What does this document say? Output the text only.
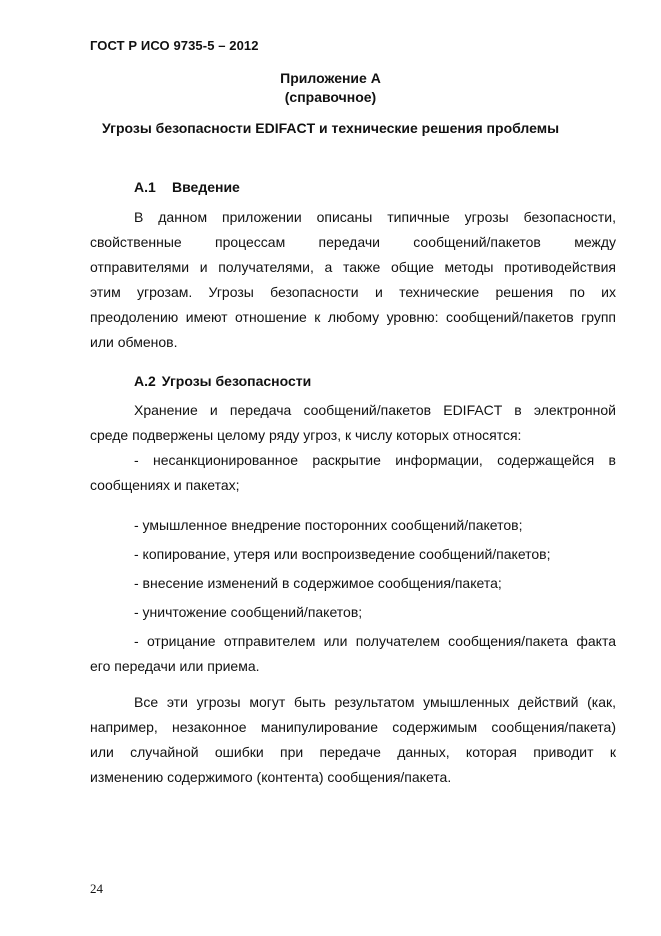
ГОСТ Р ИСО 9735-5 – 2012
Приложение А
(справочное)
Угрозы безопасности EDIFACT и технические решения проблемы
А.1 Введение
В данном приложении описаны типичные угрозы безопасности,
свойственные процессам передачи сообщений/пакетов между
отправителями и получателями, а также общие методы противодействия
этим угрозам. Угрозы безопасности и технические решения по их
преодолению имеют отношение к любому уровню: сообщений/пакетов групп
или обменов.
А.2 Угрозы безопасности
Хранение и передача сообщений/пакетов EDIFACT в электронной
среде подвержены целому ряду угроз, к числу которых относятся:
- несанкционированное раскрытие информации, содержащейся в
сообщениях и пакетах;
- умышленное внедрение посторонних сообщений/пакетов;
- копирование, утеря или воспроизведение сообщений/пакетов;
- внесение изменений в содержимое сообщения/пакета;
- уничтожение сообщений/пакетов;
- отрицание отправителем или получателем сообщения/пакета факта
его передачи или приема.
Все эти угрозы могут быть результатом умышленных действий (как,
например, незаконное манипулирование содержимым сообщения/пакета)
или случайной ошибки при передаче данных, которая приводит к
изменению содержимого (контента) сообщения/пакета.
24
